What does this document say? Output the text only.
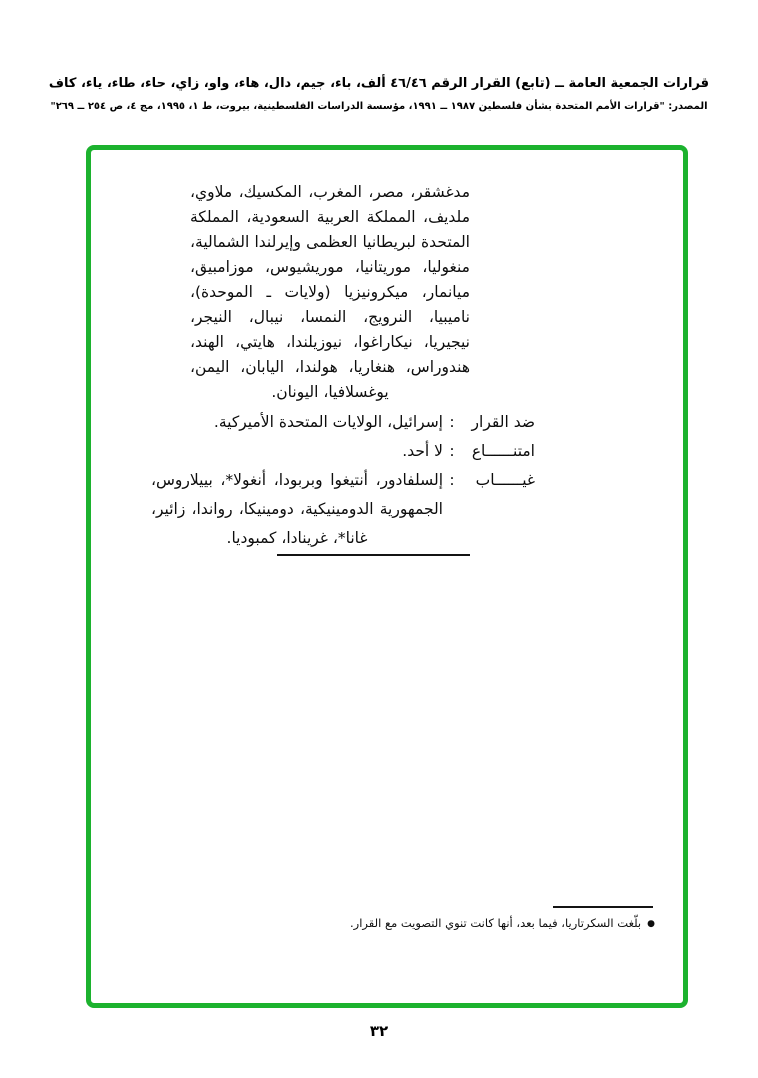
قرارات الجمعية العامة ــ (تابع) القرار الرقم ٤٦/٤٦ ألف، باء، جيم، دال، هاء، واو، زاي، حاء، طاء، ياء، كاف
المصدر: "قرارات الأمم المتحدة بشأن فلسطين ١٩٨٧ ــ ١٩٩١، مؤسسة الدراسات الفلسطينية، بيروت، ط ١، ١٩٩٥، مج ٤، ص ٢٥٤ ــ ٢٦٩"
مدغشقر، مصر، المغرب، المكسيك، ملاوي،
ملديف، المملكة العربية السعودية، المملكة
المتحدة لبريطانيا العظمى وإيرلندا الشمالية،
منغوليا، موريتانيا، موريشيوس، موزامبيق،
ميانمار، ميكرونيزيا (ولايات ـ الموحدة)،
ناميبيا، النرويج، النمسا، نيبال، النيجر،
نيجيريا، نيكاراغوا، نيوزيلندا، هايتي، الهند،
هندوراس، هنغاريا، هولندا، اليابان، اليمن،
يوغسلافيا، اليونان.
ضد القرار
:
إسرائيل، الولايات المتحدة الأميركية.
امتنــــــاع
:
لا أحد.
غيــــــاب
:
إلسلفادور، أنتيغوا وبربودا، أنغولا*، بييلاروس،
الجمهورية الدومينيكية، دومينيكا، رواندا، زائير،
غانا*، غرينادا، كمبوديا.
●بلّغت السكرتاريا، فيما بعد، أنها كانت تنوي التصويت مع القرار.
٣٢
